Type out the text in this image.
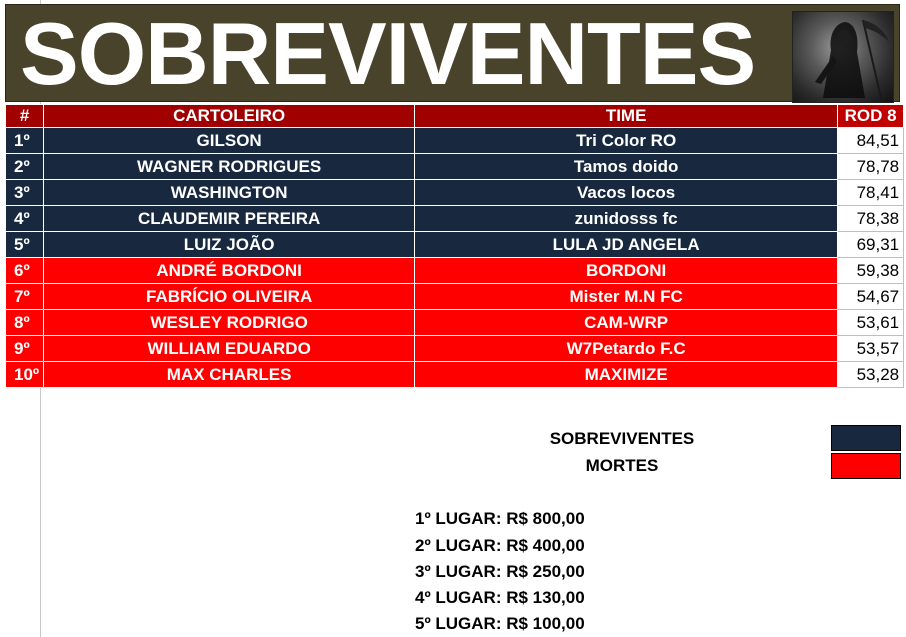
SOBREVIVENTES
#	CARTOLEIRO	TIME	ROD 8
1º	GILSON	Tri Color RO	84,51
2º	WAGNER RODRIGUES	Tamos doido	78,78
3º	WASHINGTON	Vacos locos	78,41
4º	CLAUDEMIR PEREIRA	zunidosss fc	78,38
5º	LUIZ JOÃO	LULA JD ANGELA	69,31
6º	ANDRÉ BORDONI	BORDONI	59,38
7º	FABRÍCIO OLIVEIRA	Mister M.N FC	54,67
8º	WESLEY RODRIGO	CAM-WRP	53,61
9º	WILLIAM EDUARDO	W7Petardo F.C	53,57
10º	MAX CHARLES	MAXIMIZE	53,28
SOBREVIVENTES
MORTES
1º LUGAR: R$ 800,00
2º LUGAR: R$ 400,00
3º LUGAR: R$ 250,00
4º LUGAR: R$ 130,00
5º LUGAR: R$ 100,00
